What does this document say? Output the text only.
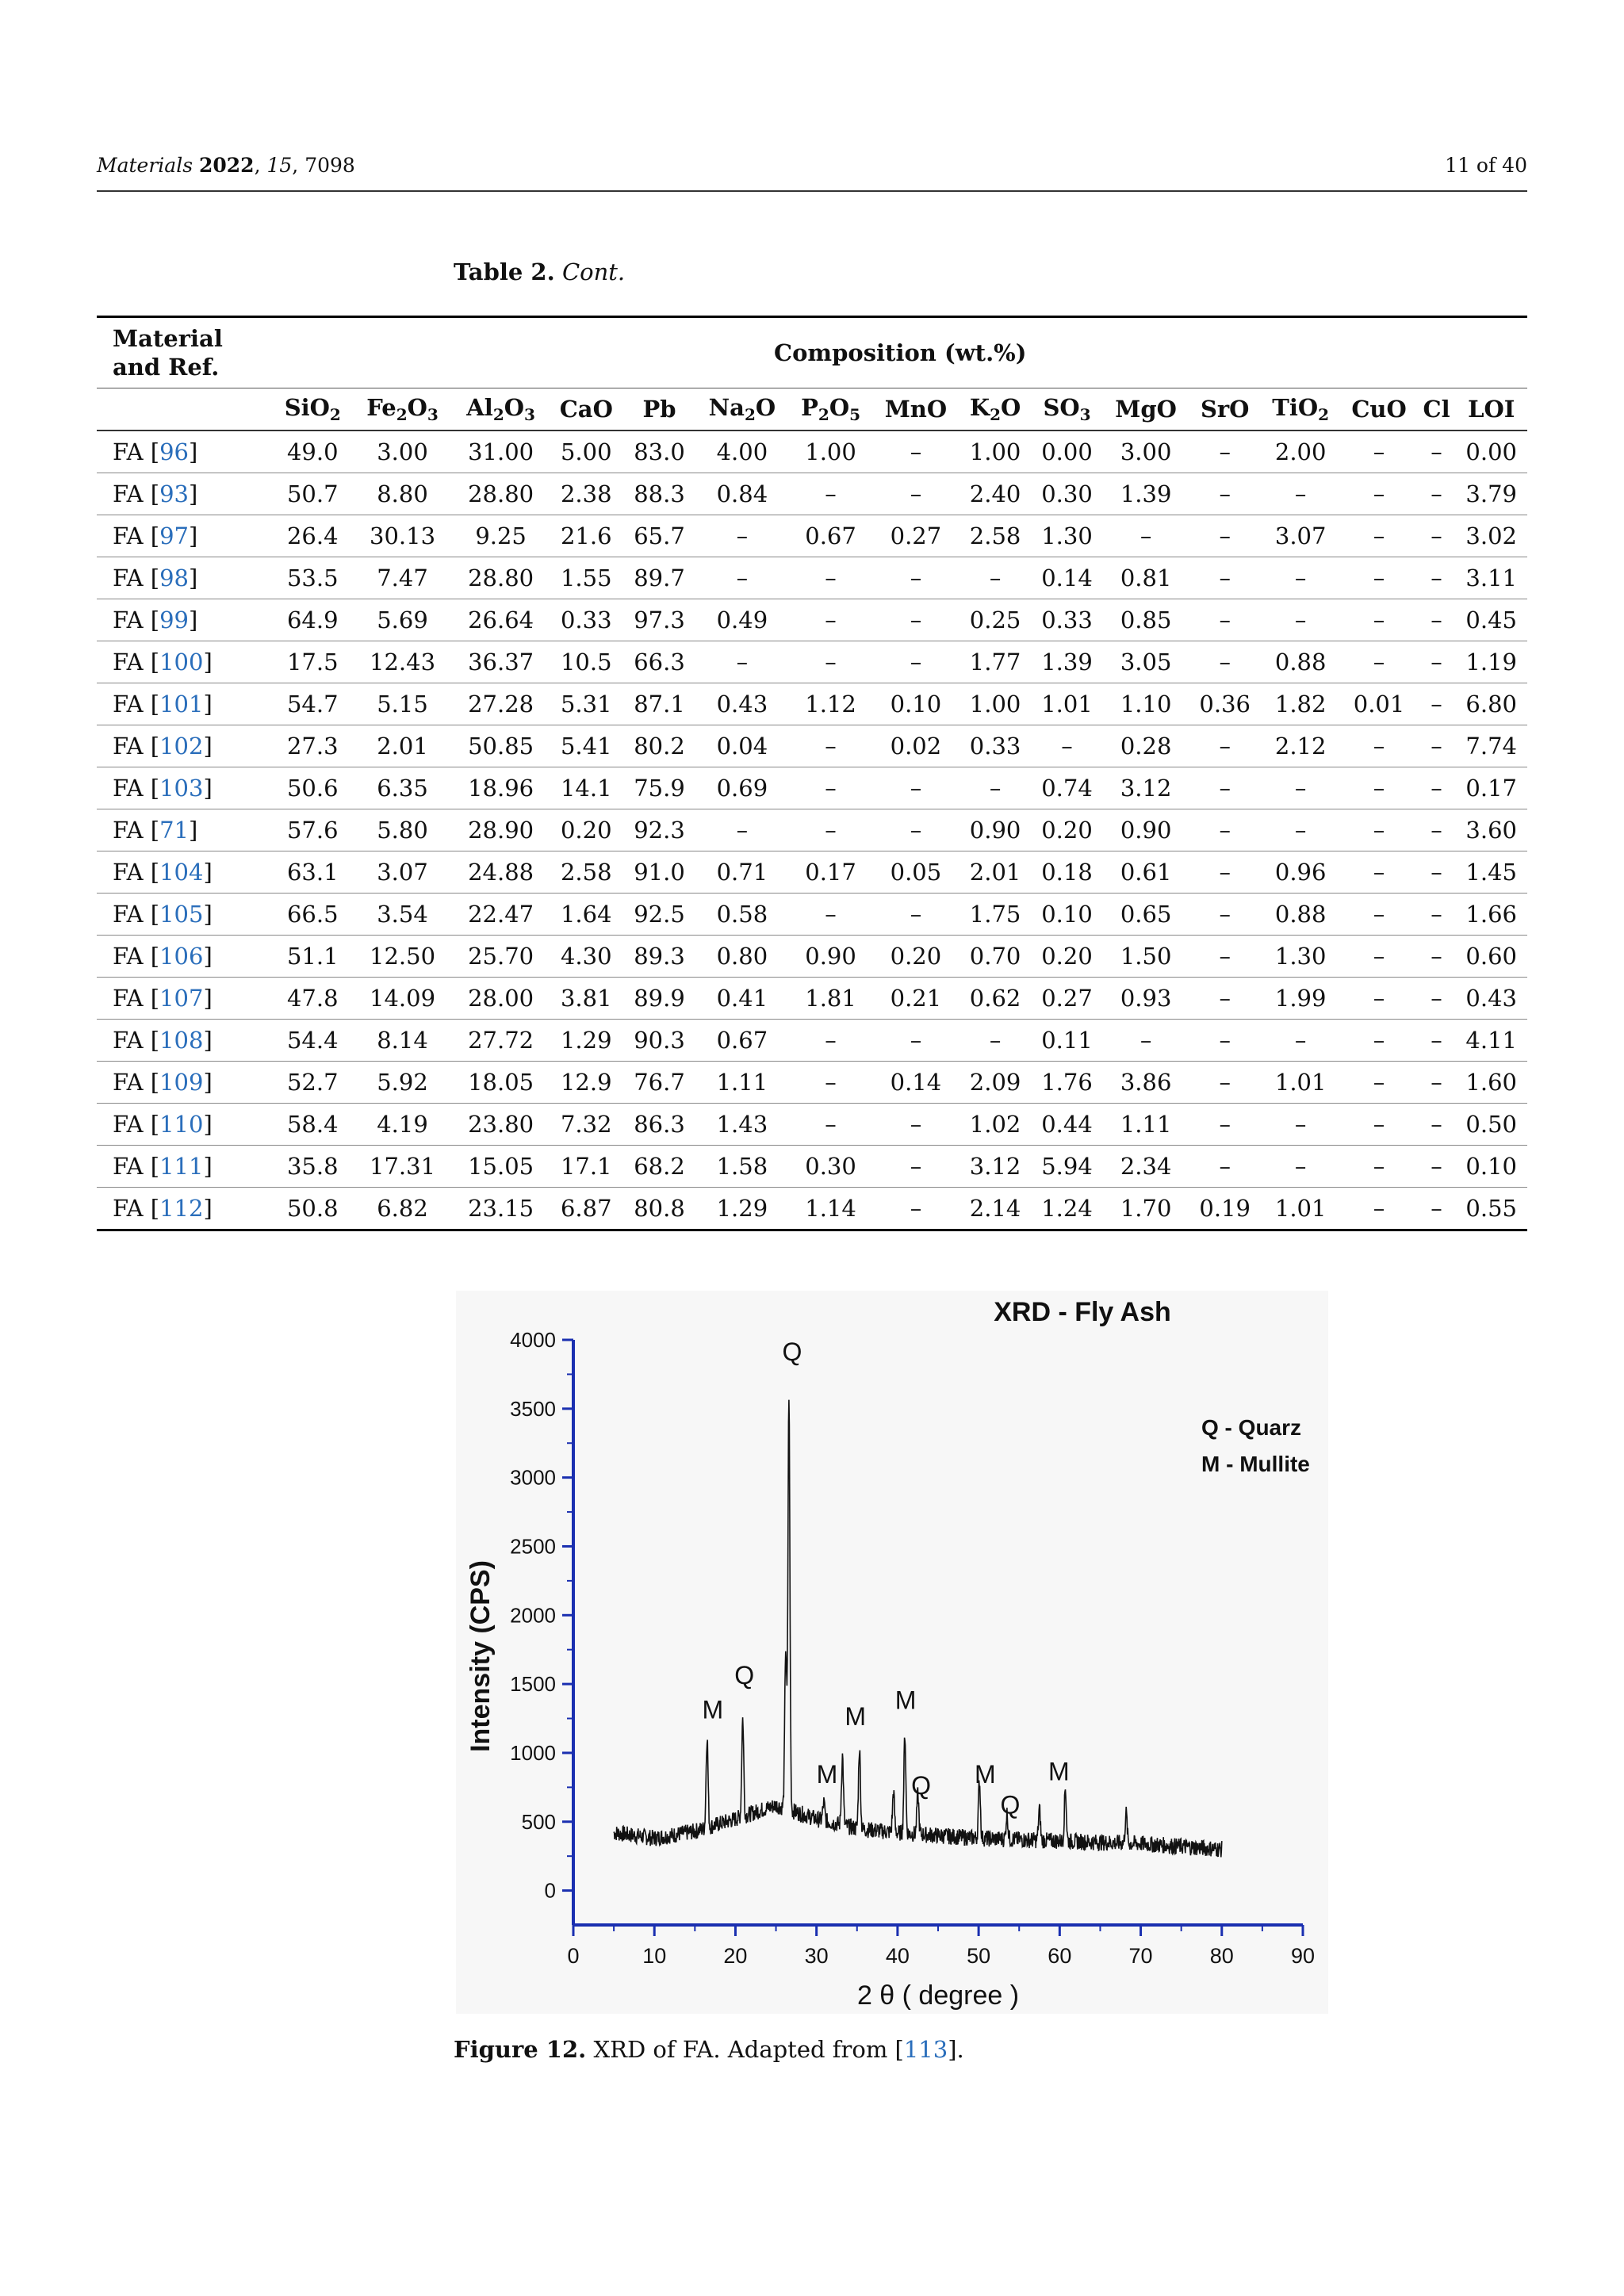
Materials 2022, 15, 7098	11 of 40
Table 2. Cont.
Material
and Ref.	Composition (wt.%)															
	SiO$_2$	$Fe_2O_3$	$Al_2O_3$	CaO	Pb	$Na_2O$	$P_2O_5$	MnO	$K_2O$	$SO_3$	MgO	SrO	TiO$_2$	CuO	Cl	LOI
FA [96]	49.0	3.00	31.00	5.00	83.0	4.00	1.00	–	1.00	0.00	3.00	–	2.00	–	–	0.00
FA [93]	50.7	8.80	28.80	2.38	88.3	0.84	–	–	2.40	0.30	1.39	–	–	–	–	3.79
FA [97]	26.4	30.13	9.25	21.6	65.7	–	0.67	0.27	2.58	1.30	–	–	3.07	–	–	3.02
FA [98]	53.5	7.47	28.80	1.55	89.7	–	–	–	–	0.14	0.81	–	–	–	–	3.11
FA [99]	64.9	5.69	26.64	0.33	97.3	0.49	–	–	0.25	0.33	0.85	–	–	–	–	0.45
FA [100]	17.5	12.43	36.37	10.5	66.3	–	–	–	1.77	1.39	3.05	–	0.88	–	–	1.19
FA [101]	54.7	5.15	27.28	5.31	87.1	0.43	1.12	0.10	1.00	1.01	1.10	0.36	1.82	0.01	–	6.80
FA [102]	27.3	2.01	50.85	5.41	80.2	0.04	–	0.02	0.33	–	0.28	–	2.12	–	–	7.74
FA [103]	50.6	6.35	18.96	14.1	75.9	0.69	–	–	–	0.74	3.12	–	–	–	–	0.17
FA [71]	57.6	5.80	28.90	0.20	92.3	–	–	–	0.90	0.20	0.90	–	–	–	–	3.60
FA [104]	63.1	3.07	24.88	2.58	91.0	0.71	0.17	0.05	2.01	0.18	0.61	–	0.96	–	–	1.45
FA [105]	66.5	3.54	22.47	1.64	92.5	0.58	–	–	1.75	0.10	0.65	–	0.88	–	–	1.66
FA [106]	51.1	12.50	25.70	4.30	89.3	0.80	0.90	0.20	0.70	0.20	1.50	–	1.30	–	–	0.60
FA [107]	47.8	14.09	28.00	3.81	89.9	0.41	1.81	0.21	0.62	0.27	0.93	–	1.99	–	–	0.43
FA [108]	54.4	8.14	27.72	1.29	90.3	0.67	–	–	–	0.11	–	–	–	–	–	4.11
FA [109]	52.7	5.92	18.05	12.9	76.7	1.11	–	0.14	2.09	1.76	3.86	–	1.01	–	–	1.60
FA [110]	58.4	4.19	23.80	7.32	86.3	1.43	–	–	1.02	0.44	1.11	–	–	–	–	0.50
FA [111]	35.8	17.31	15.05	17.1	68.2	1.58	0.30	–	3.12	5.94	2.34	–	–	–	–	0.10
FA [112]	50.8	6.82	23.15	6.87	80.8	1.29	1.14	–	2.14	1.24	1.70	0.19	1.01	–	–	0.55
0	10	20	30	40	50	60	70	80	90
0
500
1000
1500
2000
2500
3000
3500
4000
XRD - Fly Ash
2 θ ( degree )
Intensity (CPS)
Q - Quarz
M - Mullite
M
Q
Q
M
M
M
Q M
Q
M
Figure 12. XRD of FA. Adapted from [113].
